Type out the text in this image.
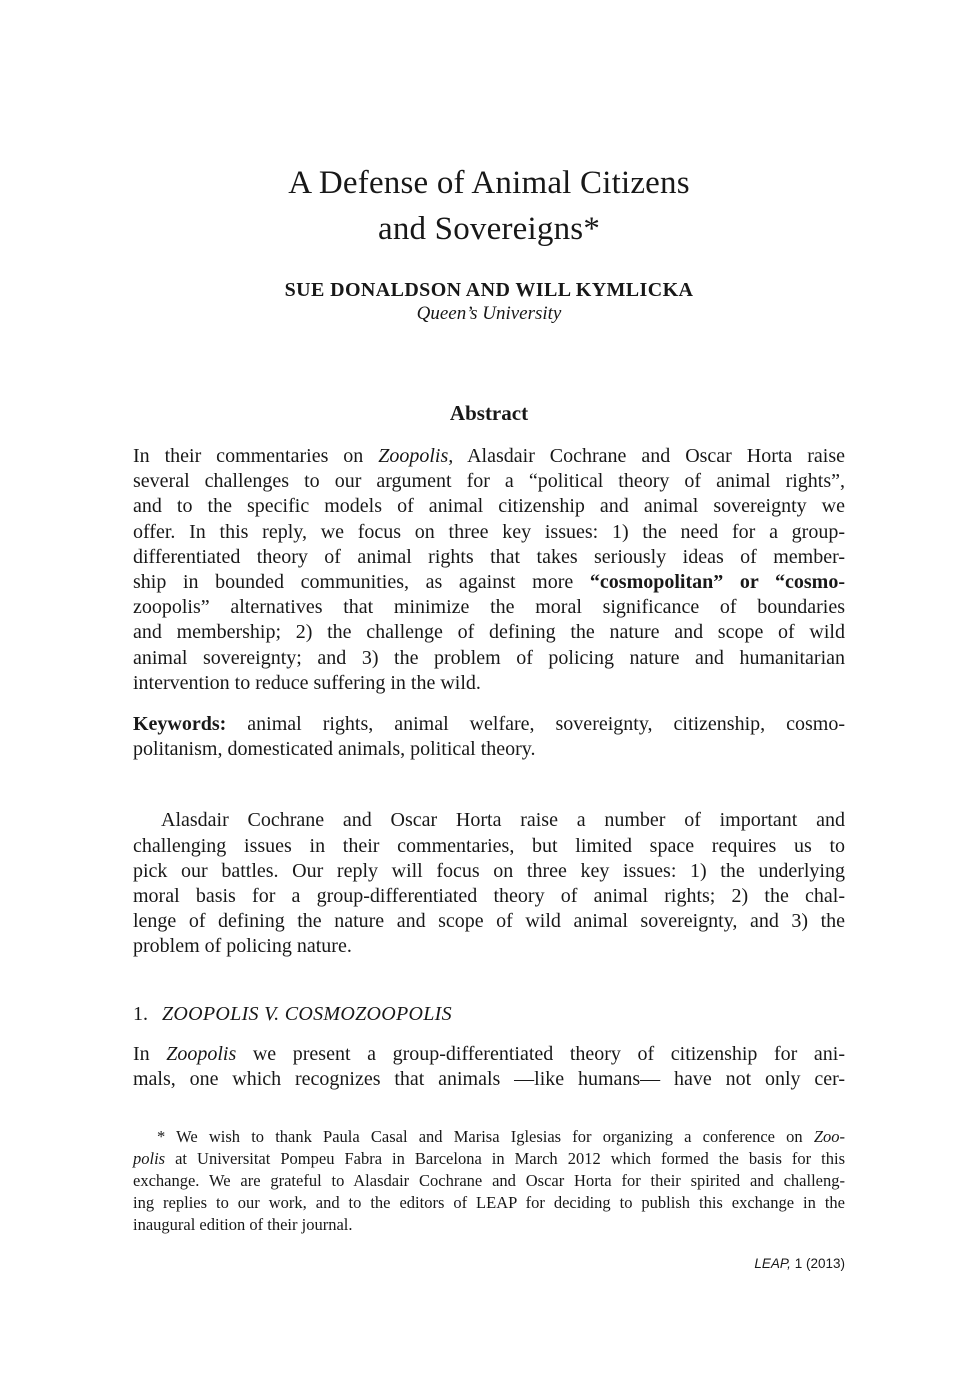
A Defense of Animal Citizens
and Sovereigns*
SUE DONALDSON AND WILL KYMLICKA
Queen’s University
Abstract
In their commentaries on Zoopolis, Alasdair Cochrane and Oscar Horta raise
several challenges to our argument for a “political theory of animal rights”,
and to the specific models of animal citizenship and animal sovereignty we
offer. In this reply, we focus on three key issues: 1) the need for a group-
differentiated theory of animal rights that takes seriously ideas of member-
ship in bounded communities, as against more “cosmopolitan” or “cosmo-
zoopolis” alternatives that minimize the moral significance of boundaries
and membership; 2) the challenge of defining the nature and scope of wild
animal sovereignty; and 3) the problem of policing nature and humanitarian
intervention to reduce suffering in the wild.
Keywords: animal rights, animal welfare, sovereignty, citizenship, cosmo-
politanism, domesticated animals, political theory.
Alasdair Cochrane and Oscar Horta raise a number of important and
challenging issues in their commentaries, but limited space requires us to
pick our battles. Our reply will focus on three key issues: 1) the underlying
moral basis for a group-differentiated theory of animal rights; 2) the chal-
lenge of defining the nature and scope of wild animal sovereignty, and 3) the
problem of policing nature.
1. ZOOPOLIS V. COSMOZOOPOLIS
In Zoopolis we present a group-differentiated theory of citizenship for ani-
mals, one which recognizes that animals —like humans— have not only cer-
* We wish to thank Paula Casal and Marisa Iglesias for organizing a conference on Zoo-
polis at Universitat Pompeu Fabra in Barcelona in March 2012 which formed the basis for this
exchange. We are grateful to Alasdair Cochrane and Oscar Horta for their spirited and challeng-
ing replies to our work, and to the editors of LEAP for deciding to publish this exchange in the
inaugural edition of their journal.
LEAP, 1 (2013)
